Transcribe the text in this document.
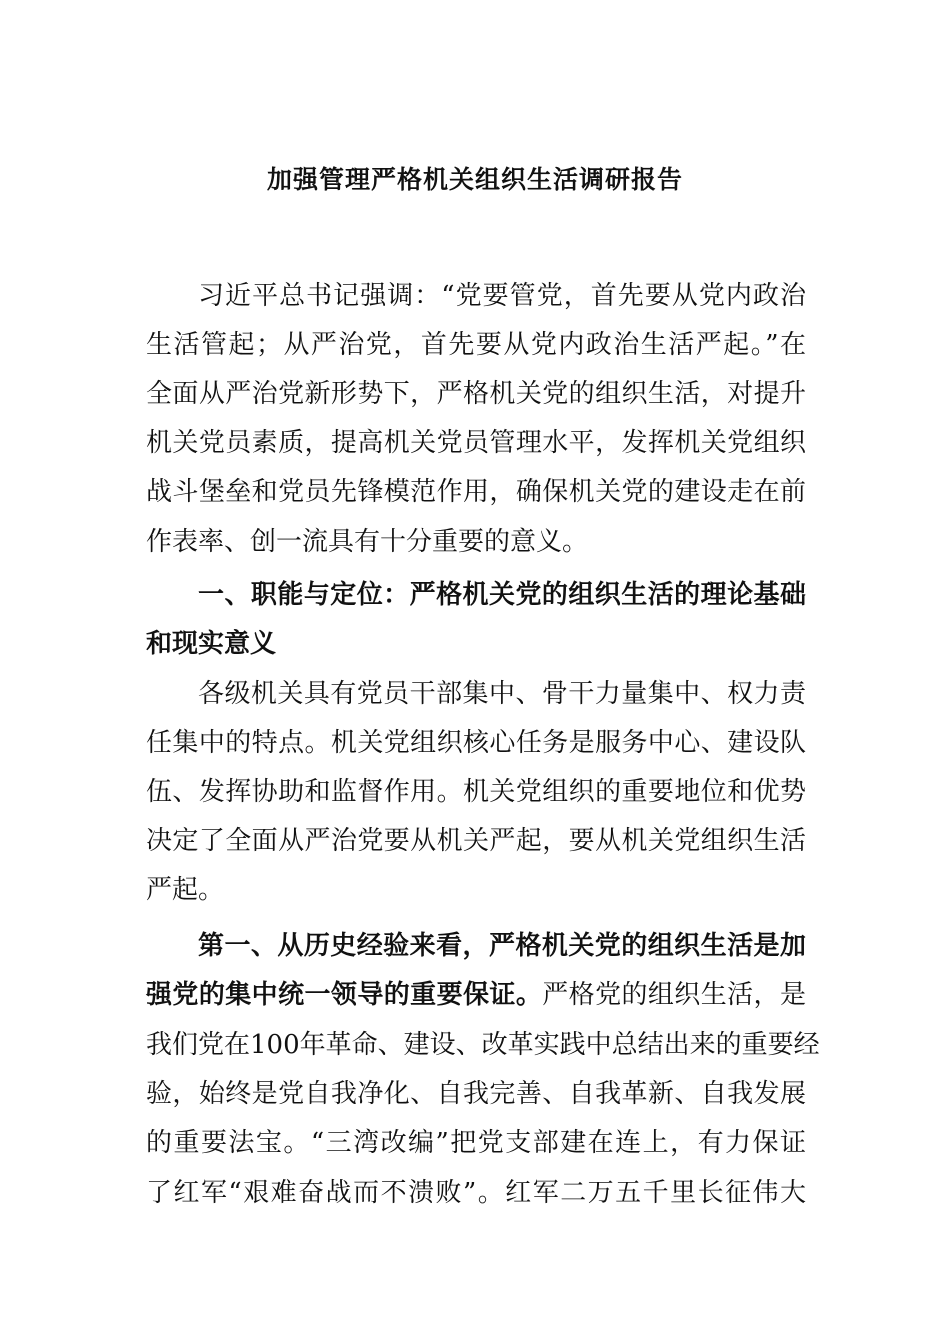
加强管理严格机关组织生活调研报告
习近平总书记强调：“党要管党，首先要从党内政治
生活管起；从严治党，首先要从党内政治生活严起。”在
全面从严治党新形势下，严格机关党的组织生活，对提升
机关党员素质，提高机关党员管理水平，发挥机关党组织
战斗堡垒和党员先锋模范作用，确保机关党的建设走在前
作表率、创一流具有十分重要的意义。
一、职能与定位：严格机关党的组织生活的理论基础
和现实意义
各级机关具有党员干部集中、骨干力量集中、权力责
任集中的特点。机关党组织核心任务是服务中心、建设队
伍、发挥协助和监督作用。机关党组织的重要地位和优势
决定了全面从严治党要从机关严起，要从机关党组织生活
严起。
第一、从历史经验来看，严格机关党的组织生活是加
强党的集中统一领导的重要保证。严格党的组织生活，是
我们党在100年革命、建设、改革实践中总结出来的重要经
验，始终是党自我净化、自我完善、自我革新、自我发展
的重要法宝。“三湾改编”把党支部建在连上，有力保证
了红军“艰难奋战而不溃败”。红军二万五千里长征伟大
